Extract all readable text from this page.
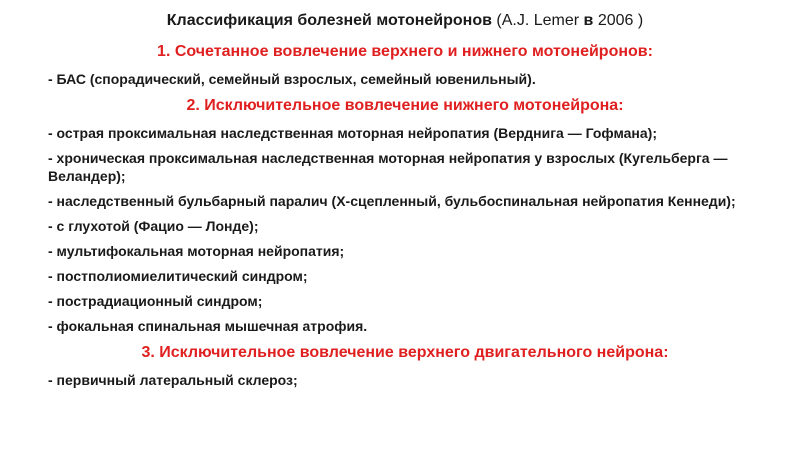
Классификация болезней мотонейронов (A.J. Lemer в 2006 )
1. Сочетанное вовлечение верхнего и нижнего мотонейронов:
- БАС (спорадический, семейный взрослых, семейный ювенильный).
2. Исключительное вовлечение нижнего мотонейрона:
- острая проксимальная наследственная моторная нейропатия (Верднига — Гофмана);
- хроническая проксимальная наследственная моторная нейропатия у взрослых (Кугельберга — Веландер);
- наследственный бульбарный паралич (Х-сцепленный, бульбоспинальная нейропатия Кеннеди);
- с глухотой (Фацио — Лонде);
- мультифокальная моторная нейропатия;
- постполиомиелитический синдром;
- пострадиационный синдром;
- фокальная спинальная мышечная атрофия.
3. Исключительное вовлечение верхнего двигательного нейрона:
- первичный латеральный склероз;
